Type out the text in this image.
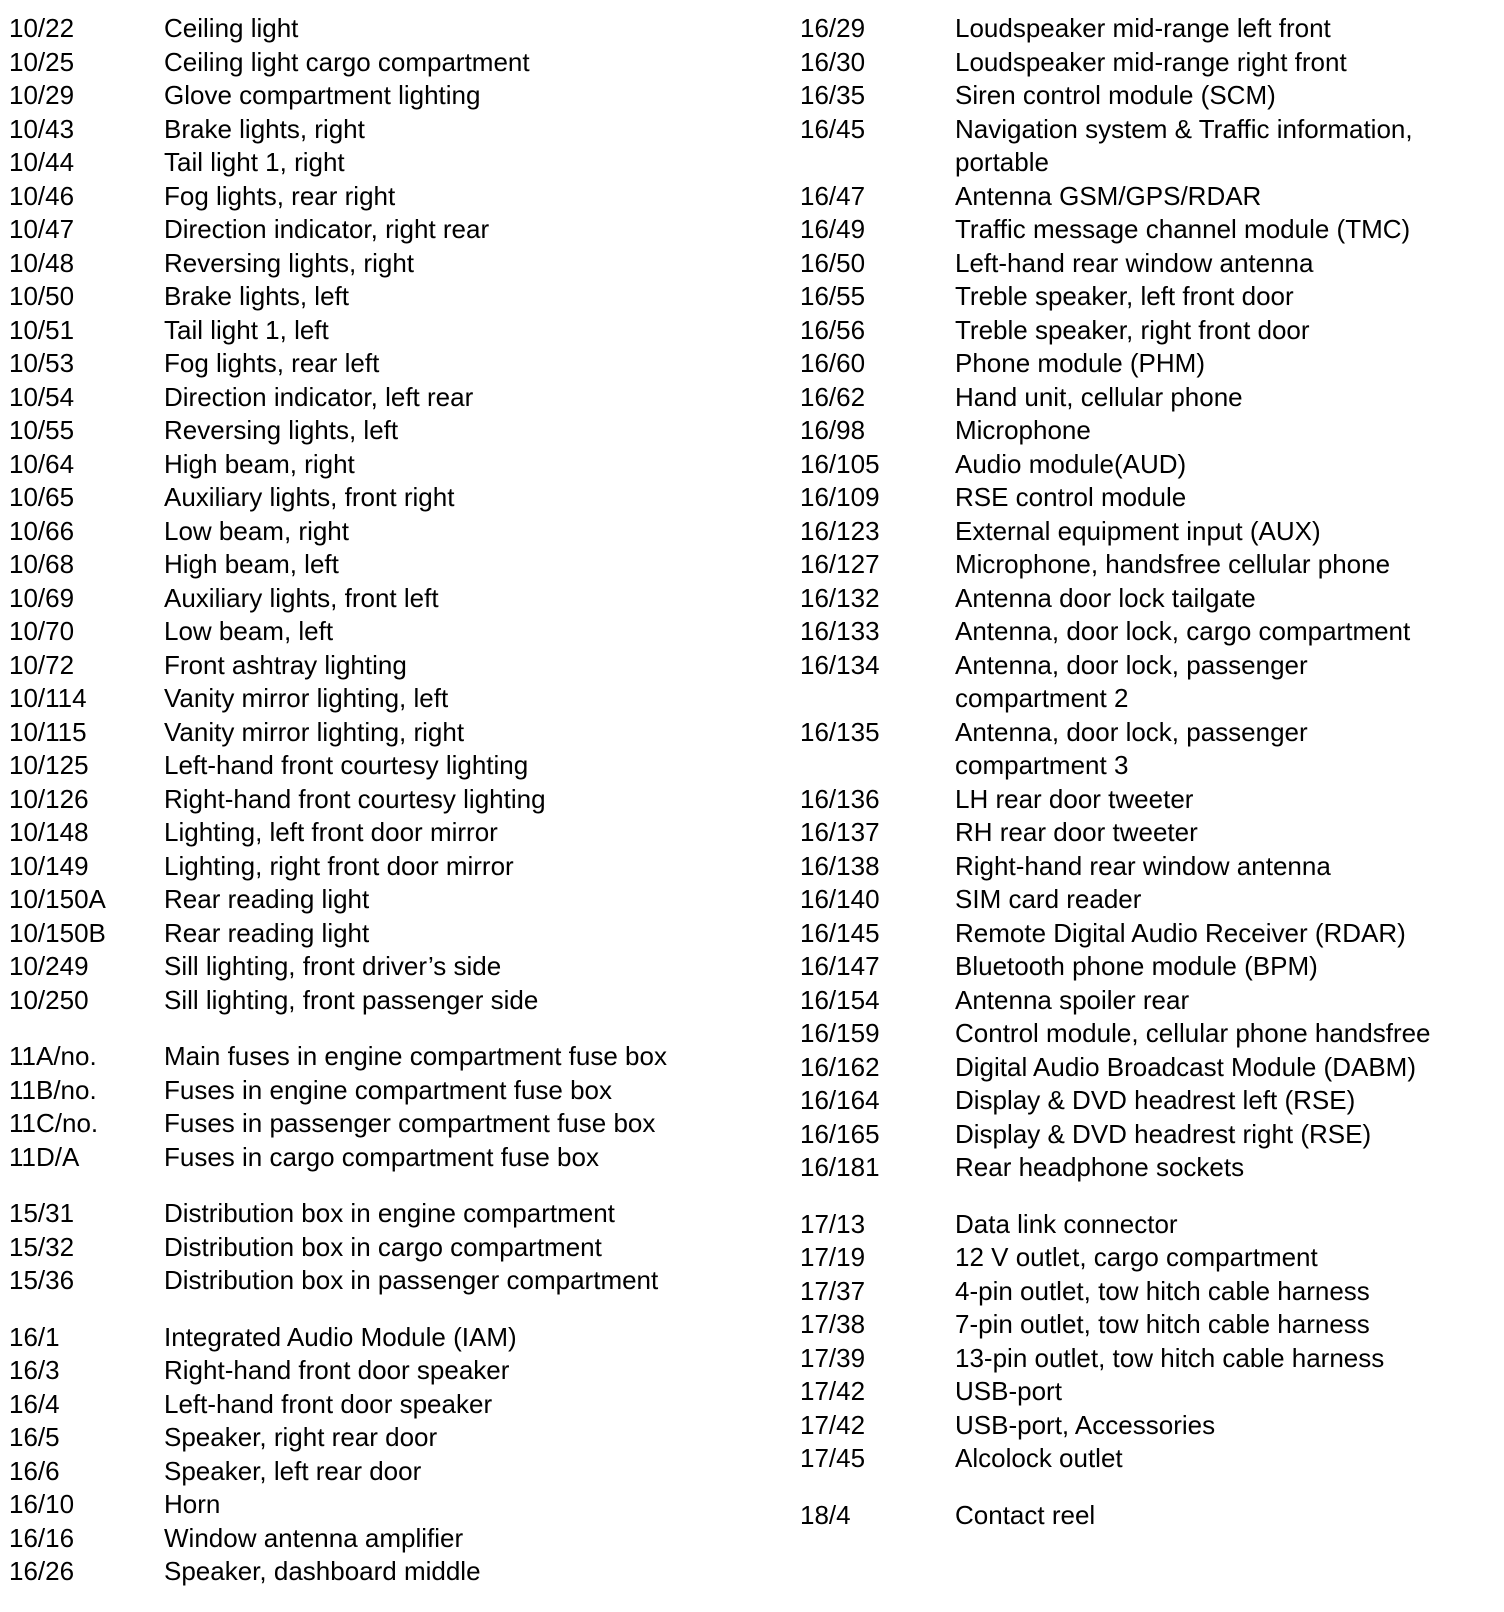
10/22	Ceiling light
10/25	Ceiling light cargo compartment
10/29	Glove compartment lighting
10/43	Brake lights, right
10/44	Tail light 1, right
10/46	Fog lights, rear right
10/47	Direction indicator, right rear
10/48	Reversing lights, right
10/50	Brake lights, left
10/51	Tail light 1, left
10/53	Fog lights, rear left
10/54	Direction indicator, left rear
10/55	Reversing lights, left
10/64	High beam, right
10/65	Auxiliary lights, front right
10/66	Low beam, right
10/68	High beam, left
10/69	Auxiliary lights, front left
10/70	Low beam, left
10/72	Front ashtray lighting
10/114	Vanity mirror lighting, left
10/115	Vanity mirror lighting, right
10/125	Left-hand front courtesy lighting
10/126	Right-hand front courtesy lighting
10/148	Lighting, left front door mirror
10/149	Lighting, right front door mirror
10/150A	Rear reading light
10/150B	Rear reading light
10/249	Sill lighting, front driver’s side
10/250	Sill lighting, front passenger side
11A/no.	Main fuses in engine compartment fuse box
11B/no.	Fuses in engine compartment fuse box
11C/no.	Fuses in passenger compartment fuse box
11D/A	Fuses in cargo compartment fuse box
15/31	Distribution box in engine compartment
15/32	Distribution box in cargo compartment
15/36	Distribution box in passenger compartment
16/1	Integrated Audio Module (IAM)
16/3	Right-hand front door speaker
16/4	Left-hand front door speaker
16/5	Speaker, right rear door
16/6	Speaker, left rear door
16/10	Horn
16/16	Window antenna amplifier
16/26	Speaker, dashboard middle
16/29	Loudspeaker mid-range left front
16/30	Loudspeaker mid-range right front
16/35	Siren control module (SCM)
16/45	Navigation system & Traffic information, portable
16/47	Antenna GSM/GPS/RDAR
16/49	Traffic message channel module (TMC)
16/50	Left-hand rear window antenna
16/55	Treble speaker, left front door
16/56	Treble speaker, right front door
16/60	Phone module (PHM)
16/62	Hand unit, cellular phone
16/98	Microphone
16/105	Audio module(AUD)
16/109	RSE control module
16/123	External equipment input (AUX)
16/127	Microphone, handsfree cellular phone
16/132	Antenna door lock tailgate
16/133	Antenna, door lock, cargo compartment
16/134	Antenna, door lock, passenger compartment 2
16/135	Antenna, door lock, passenger compartment 3
16/136	LH rear door tweeter
16/137	RH rear door tweeter
16/138	Right-hand rear window antenna
16/140	SIM card reader
16/145	Remote Digital Audio Receiver (RDAR)
16/147	Bluetooth phone module (BPM)
16/154	Antenna spoiler rear
16/159	Control module, cellular phone handsfree
16/162	Digital Audio Broadcast Module (DABM)
16/164	Display & DVD headrest left (RSE)
16/165	Display & DVD headrest right (RSE)
16/181	Rear headphone sockets
17/13	Data link connector
17/19	12 V outlet, cargo compartment
17/37	4-pin outlet, tow hitch cable harness
17/38	7-pin outlet, tow hitch cable harness
17/39	13-pin outlet, tow hitch cable harness
17/42	USB-port
17/42	USB-port, Accessories
17/45	Alcolock outlet
18/4	Contact reel
